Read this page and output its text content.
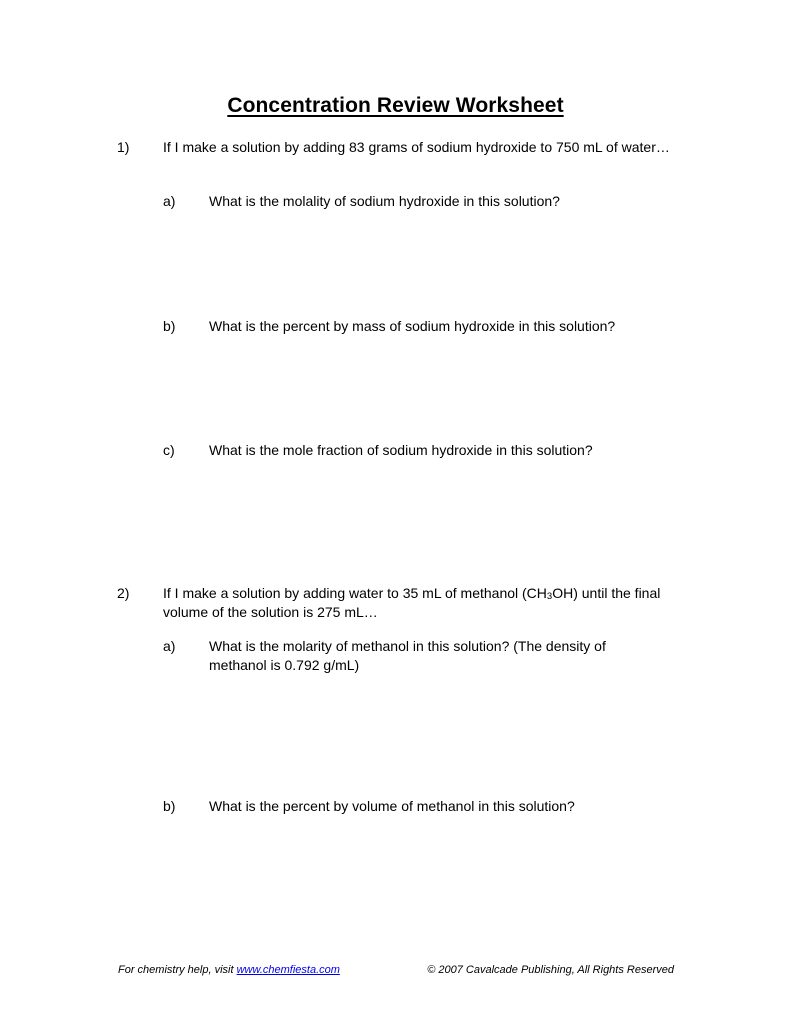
Concentration Review Worksheet

1) If I make a solution by adding 83 grams of sodium hydroxide to 750 mL of water…

a) What is the molality of sodium hydroxide in this solution?

b) What is the percent by mass of sodium hydroxide in this solution?

c) What is the mole fraction of sodium hydroxide in this solution?

2) If I make a solution by adding water to 35 mL of methanol $(CH_3OH)$ until the final volume of the solution is 275 mL…

a) What is the molarity of methanol in this solution? (The density of methanol is 0.792 g/mL)

b) What is the percent by volume of methanol in this solution?

For chemistry help, visit www.chemfiesta.com	© 2007 Cavalcade Publishing, All Rights Reserved
